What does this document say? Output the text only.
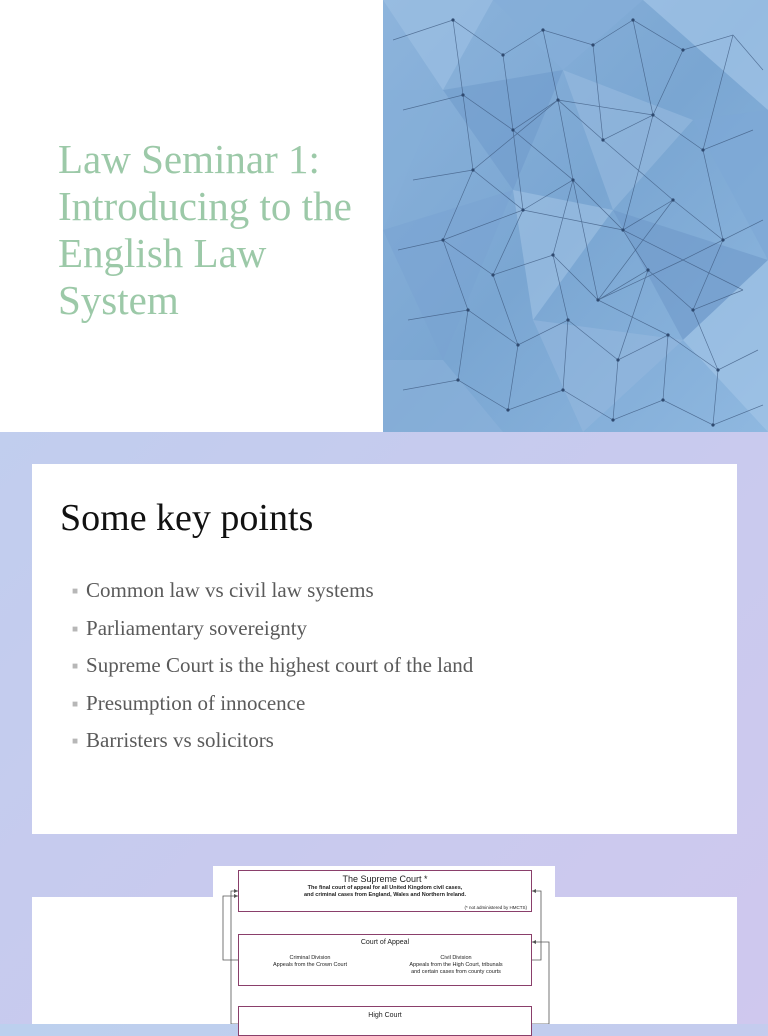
Law Seminar 1: Introducing to the English Law System
Some key points
■ Common law vs civil law systems
■ Parliamentary sovereignty
■ Supreme Court is the highest court of the land
■ Presumption of innocence
■ Barristers vs solicitors
The Supreme Court *
The final court of appeal for all United Kingdom civil cases,
and criminal cases from England, Wales and Northern Ireland.
(* not administered by HMCTS)
Court of Appeal
Criminal Division
Appeals from the Crown Court
Civil Division
Appeals from the High Court, tribunals
and certain cases from county courts
High Court
